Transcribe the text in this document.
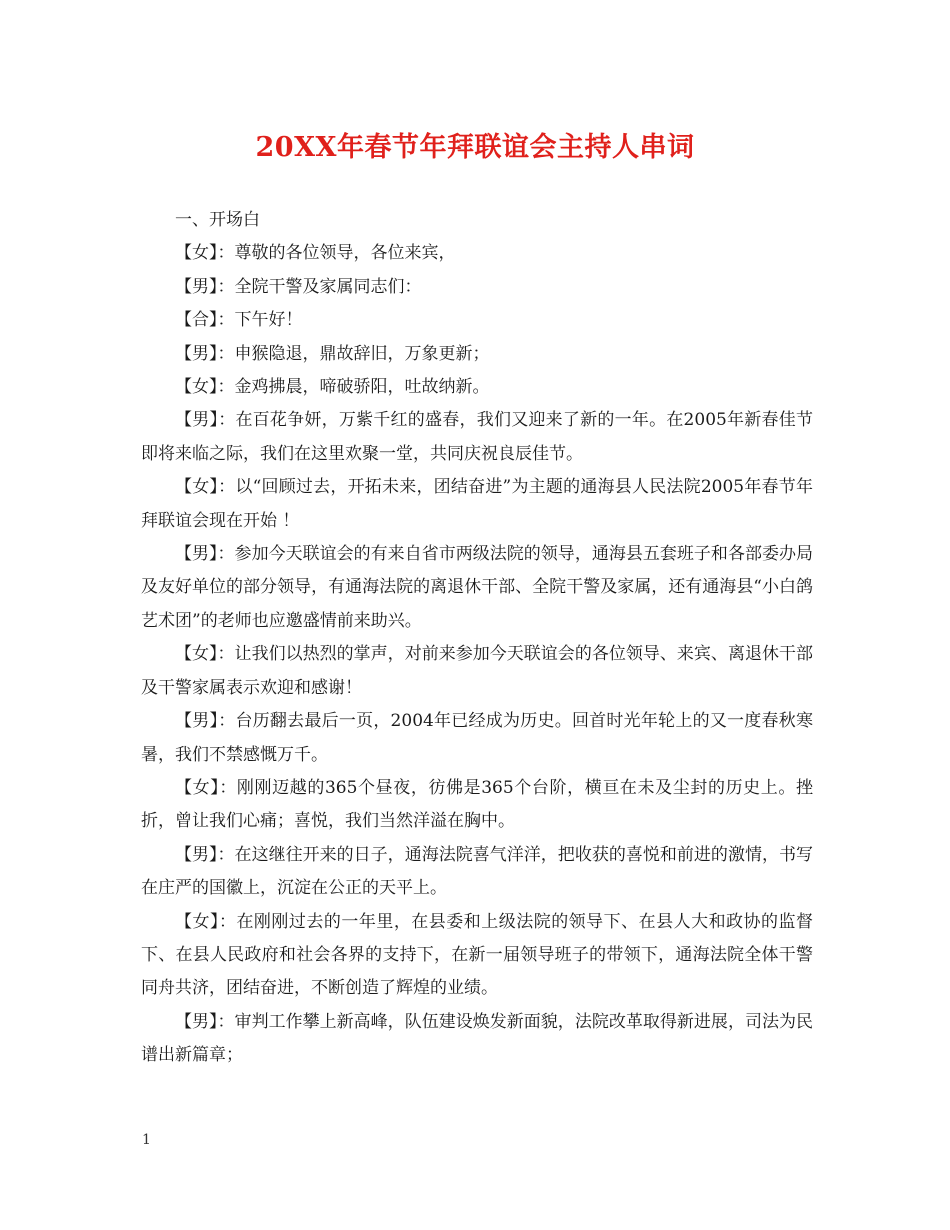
20XX年春节年拜联谊会主持人串词

一、开场白

【女】：尊敬的各位领导，各位来宾，

【男】：全院干警及家属同志们：

【合】：下午好！

【男】：申猴隐退，鼎故辞旧，万象更新；

【女】：金鸡拂晨，啼破骄阳，吐故纳新。

【男】：在百花争妍，万紫千红的盛春，我们又迎来了新的一年。在2005年新春佳节即将来临之际，我们在这里欢聚一堂，共同庆祝良辰佳节。

【女】：以“回顾过去，开拓未来，团结奋进”为主题的通海县人民法院2005年春节年拜联谊会现在开始 ！

【男】：参加今天联谊会的有来自省市两级法院的领导，通海县五套班子和各部委办局及友好单位的部分领导，有通海法院的离退休干部、全院干警及家属，还有通海县“小白鸽艺术团”的老师也应邀盛情前来助兴。

【女】：让我们以热烈的掌声，对前来参加今天联谊会的各位领导、来宾、离退休干部及干警家属表示欢迎和感谢！

【男】：台历翻去最后一页，2004年已经成为历史。回首时光年轮上的又一度春秋寒暑，我们不禁感慨万千。

【女】：刚刚迈越的365个昼夜，彷佛是365个台阶，横亘在未及尘封的历史上。挫折，曾让我们心痛；喜悦，我们当然洋溢在胸中。

【男】：在这继往开来的日子，通海法院喜气洋洋，把收获的喜悦和前进的激情，书写在庄严的国徽上，沉淀在公正的天平上。

【女】：在刚刚过去的一年里，在县委和上级法院的领导下、在县人大和政协的监督下、在县人民政府和社会各界的支持下，在新一届领导班子的带领下，通海法院全体干警同舟共济，团结奋进，不断创造了辉煌的业绩。

【男】：审判工作攀上新高峰，队伍建设焕发新面貌，法院改革取得新进展，司法为民谱出新篇章；

1
